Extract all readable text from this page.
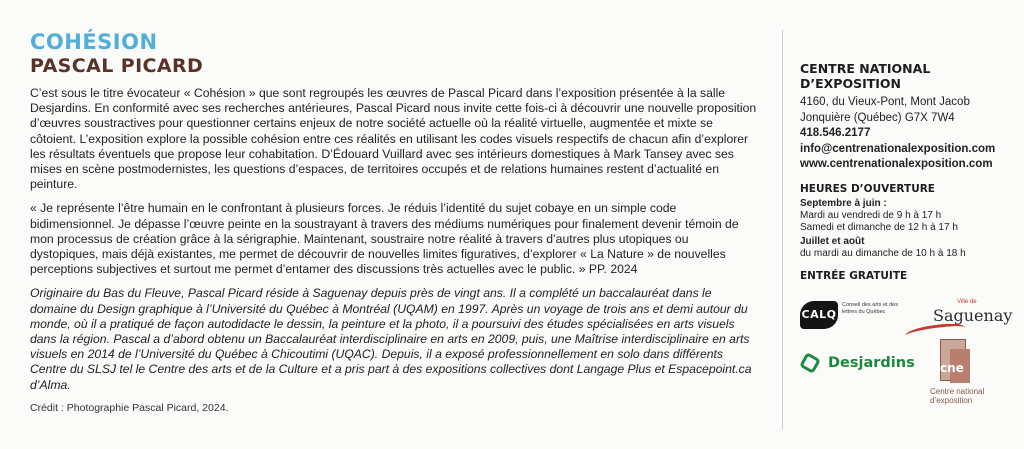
COHÉSION
PASCAL PICARD

C’est sous le titre évocateur « Cohésion » que sont regroupés les œuvres de Pascal Picard dans l’exposition présentée à la salle Desjardins. En conformité avec ses recherches antérieures, Pascal Picard nous invite cette fois-ci à découvrir une nouvelle proposition d’œuvres soustractives pour questionner certains enjeux de notre société actuelle où la réalité virtuelle, augmentée et mixte se côtoient. L’exposition explore la possible cohésion entre ces réalités en utilisant les codes visuels respectifs de chacun afin d’explorer les résultats éventuels que propose leur cohabitation. D’Édouard Vuillard avec ses intérieurs domestiques à Mark Tansey avec ses mises en scène postmodernistes, les questions d’espaces, de territoires occupés et de relations humaines restent d’actualité en peinture.

« Je représente l’être humain en le confrontant à plusieurs forces. Je réduis l’identité du sujet cobaye en un simple code bidimensionnel. Je dépasse l’œuvre peinte en la soustrayant à travers des médiums numériques pour finalement devenir témoin de mon processus de création grâce à la sérigraphie. Maintenant, soustraire notre réalité à travers d’autres plus utopiques ou dystopiques, mais déjà existantes, me permet de découvrir de nouvelles limites figuratives, d’explorer « La Nature » de nouvelles perceptions subjectives et surtout me permet d’entamer des discussions très actuelles avec le public. » PP. 2024

Originaire du Bas du Fleuve, Pascal Picard réside à Saguenay depuis près de vingt ans. Il a complété un baccalauréat dans le domaine du Design graphique à l’Université du Québec à Montréal (UQAM) en 1997. Après un voyage de trois ans et demi autour du monde, où il a pratiqué de façon autodidacte le dessin, la peinture et la photo, il a poursuivi des études spécialisées en arts visuels dans la région. Pascal a d’abord obtenu un Baccalauréat interdisciplinaire en arts en 2009, puis, une Maîtrise interdisciplinaire en arts visuels en 2014 de l’Université du Québec à Chicoutimi (UQAC). Depuis, il a exposé professionnellement en solo dans différents Centre du SLSJ tel le Centre des arts et de la Culture et a pris part à des expositions collectives dont Langage Plus et Espacepoint.ca d’Alma.

Crédit : Photographie Pascal Picard, 2024.

CENTRE NATIONAL
D’EXPOSITION
4160, du Vieux-Pont, Mont Jacob
Jonquière (Québec) G7X 7W4
418.546.2177
info@centrenationalexposition.com
www.centrenationalexposition.com
HEURES D’OUVERTURE
Septembre à juin :
Mardi au vendredi de 9 h à 17 h
Samedi et dimanche de 12 h à 17 h
Juillet et août
du mardi au dimanche de 10 h à 18 h
ENTRÉE GRATUITE
CALQ
Conseil des arts et des lettres du Québec
Ville de
Saguenay
Desjardins cne
Centre national
d’exposition
